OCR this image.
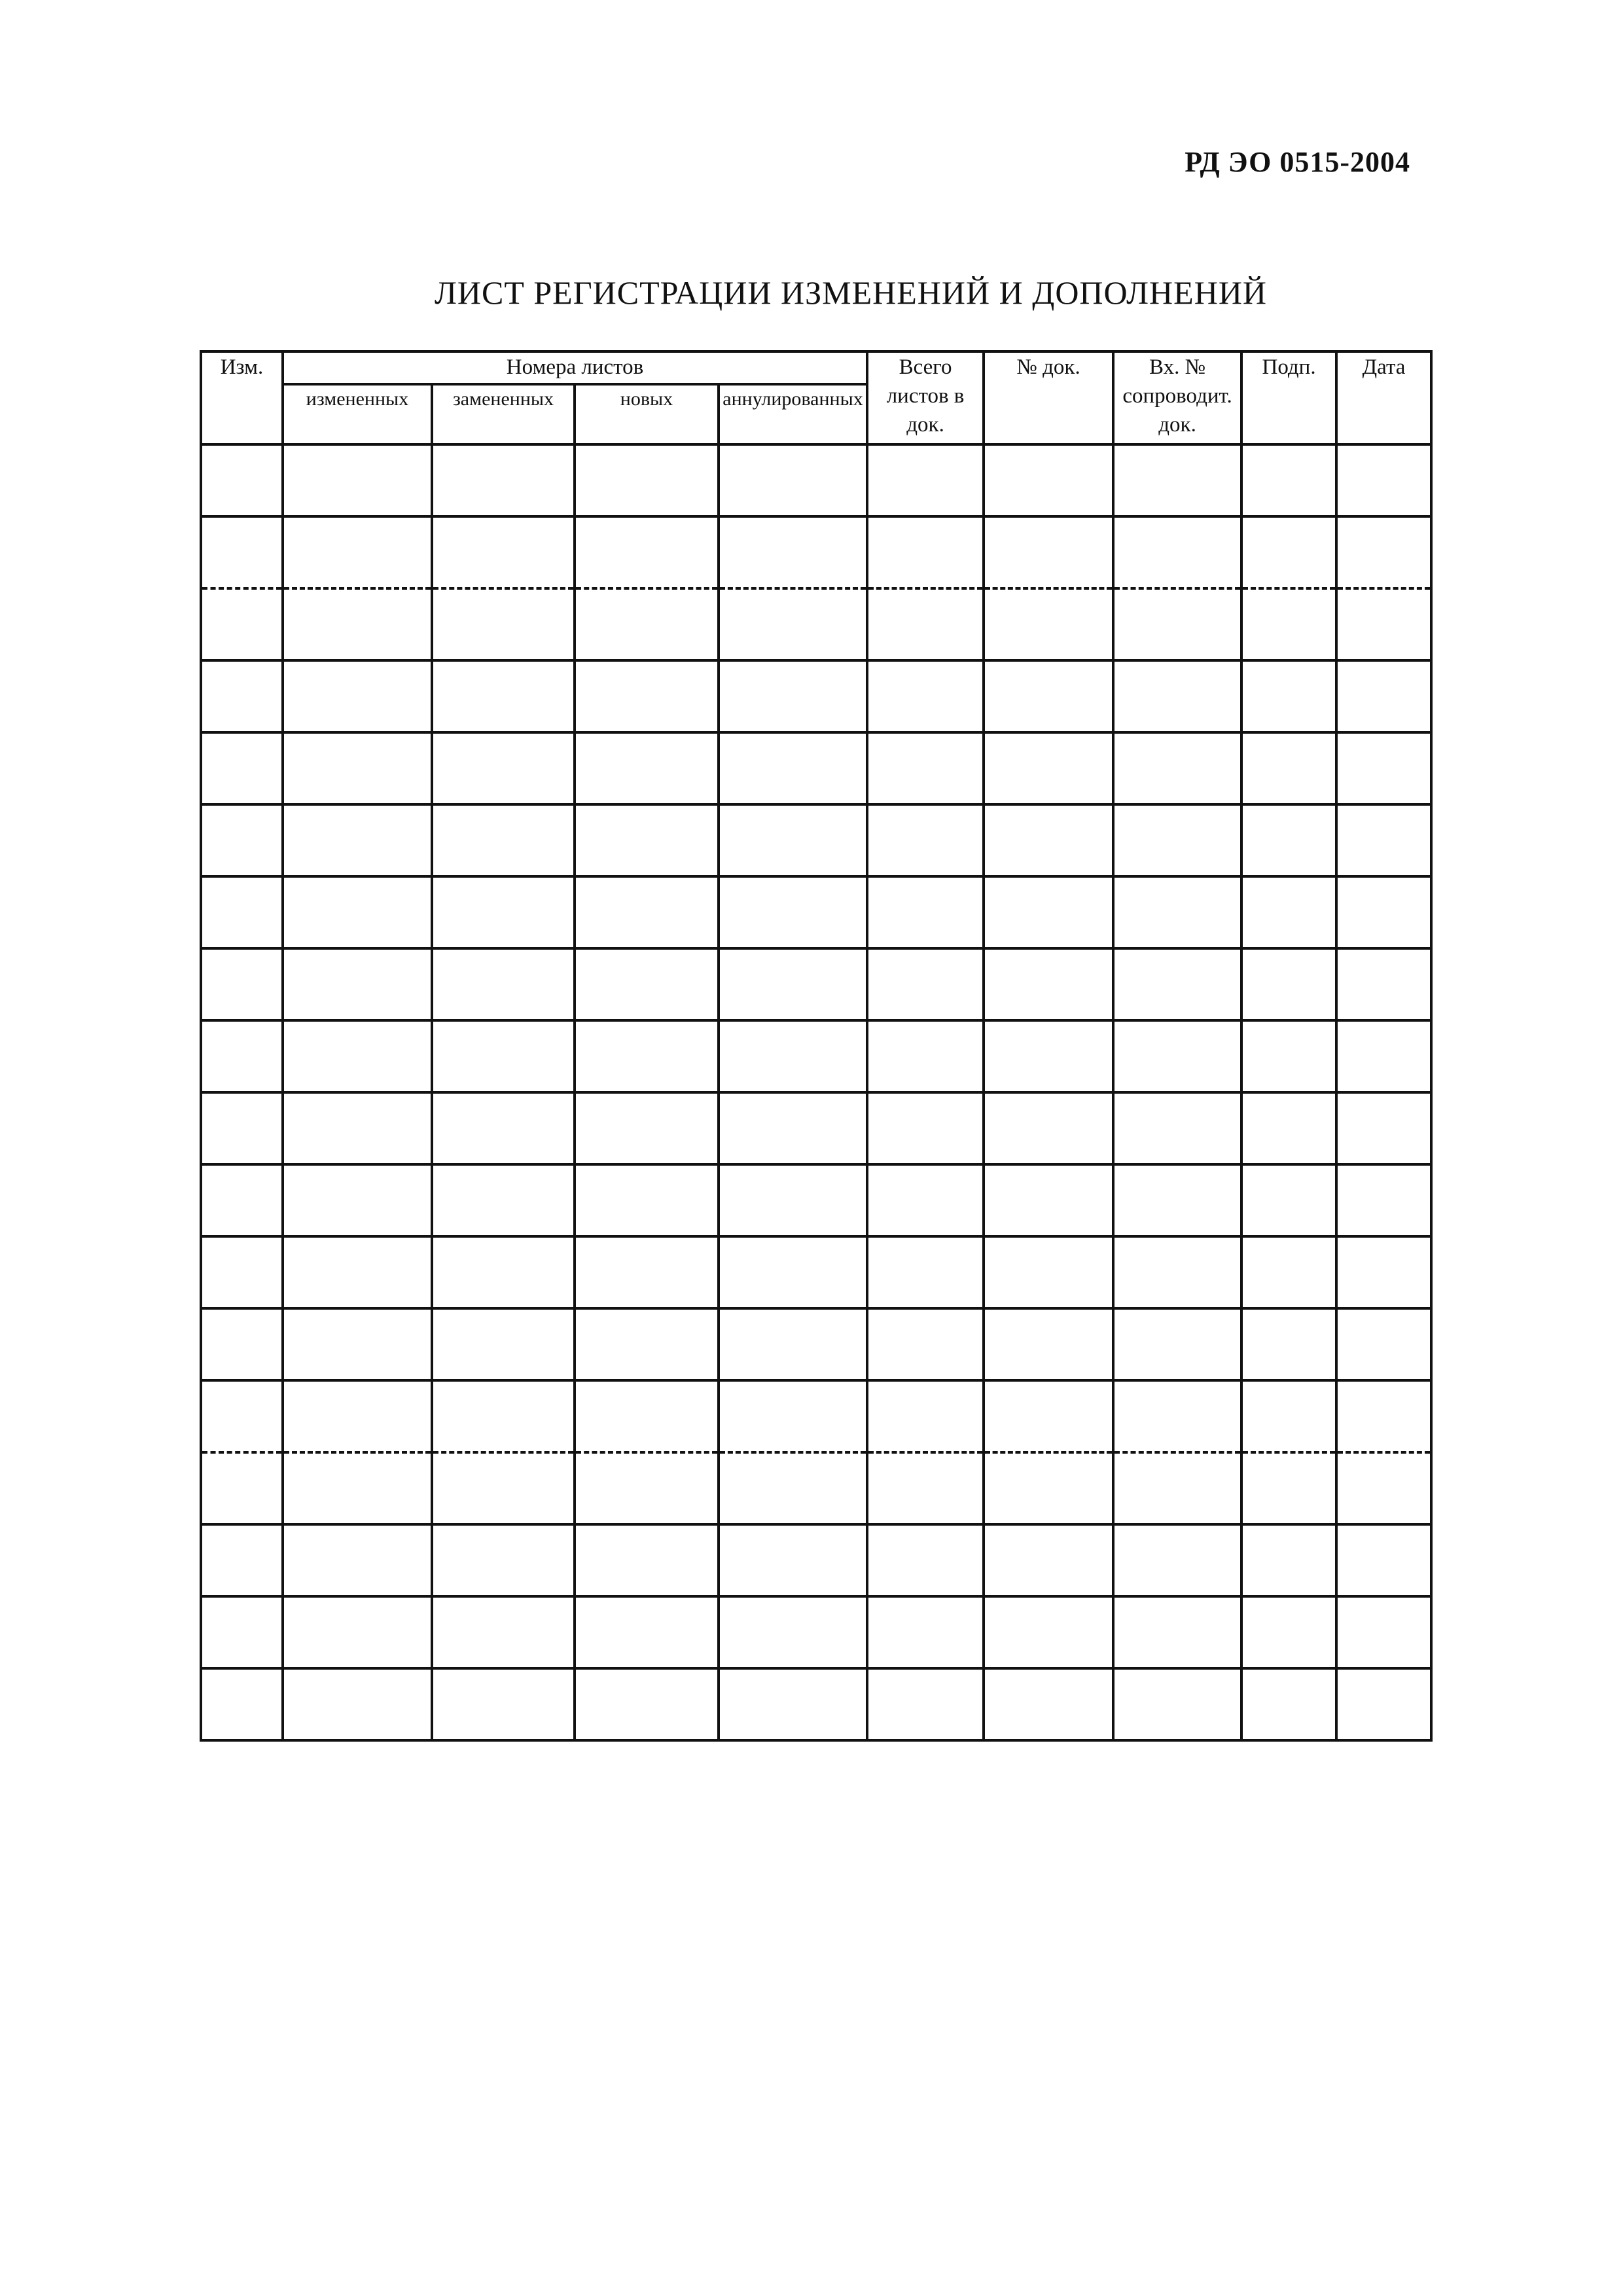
РД ЭО 0515-2004
ЛИСТ РЕГИСТРАЦИИ ИЗМЕНЕНИЙ И ДОПОЛНЕНИЙ
Изм.	Номера листов				Всего листов в док.	№ док.	Вх. № сопроводит. док.	Подп.	Дата
	измененных	замененных	новых	аннулированных					
